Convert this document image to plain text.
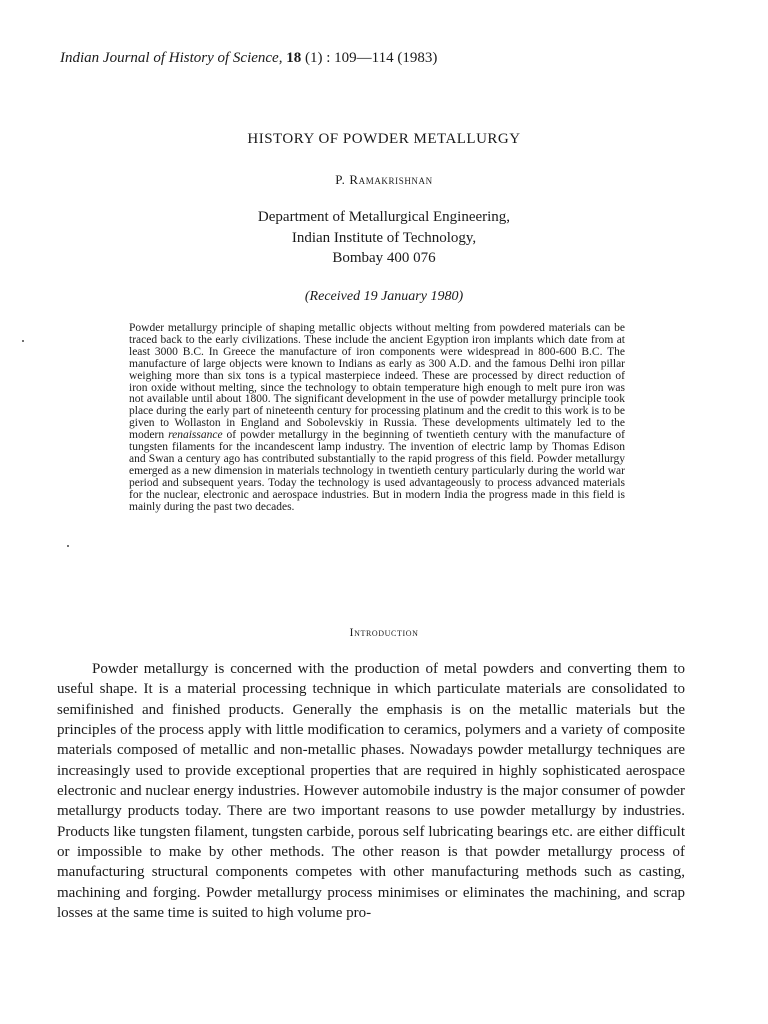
Indian Journal of History of Science, 18 (1) : 109—114 (1983)
HISTORY OF POWDER METALLURGY
P. Ramakrishnan
Department of Metallurgical Engineering,
Indian Institute of Technology,
Bombay 400 076
(Received 19 January 1980)
Powder metallurgy principle of shaping metallic objects without melting from powdered materials can be traced back to the early civilizations. These include the ancient Egyption iron implants which date from at least 3000 B.C. In Greece the manufacture of iron components were widespread in 800-600 B.C. The manufacture of large objects were known to Indians as early as 300 A.D. and the famous Delhi iron pillar weighing more than six tons is a typical masterpiece indeed. These are processed by direct reduction of iron oxide without melting, since the technology to obtain temperature high enough to melt pure iron was not available until about 1800. The significant development in the use of powder metallurgy principle took place during the early part of nineteenth century for processing platinum and the credit to this work is to be given to Wollaston in England and Sobolevskiy in Russia. These developments ultimately led to the modern renaissance of powder metallurgy in the beginning of twentieth century with the manufacture of tungsten filaments for the incandescent lamp industry. The invention of electric lamp by Thomas Edison and Swan a century ago has contributed substantially to the rapid progress of this field. Powder metallurgy emerged as a new dimension in materials technology in twentieth century particularly during the world war period and subsequent years. Today the technology is used advantageously to process advanced materials for the nuclear, electronic and aerospace industries. But in modern India the progress made in this field is mainly during the past two decades.
Introduction
Powder metallurgy is concerned with the production of metal powders and converting them to useful shape. It is a material processing technique in which particulate materials are consolidated to semifinished and finished products. Generally the emphasis is on the metallic materials but the principles of the process apply with little modification to ceramics, polymers and a variety of composite materials composed of metallic and non-metallic phases. Nowadays powder metallurgy techniques are increasingly used to provide exceptional properties that are required in highly sophisticated aerospace electronic and nuclear energy industries. However automobile industry is the major consumer of powder metallurgy products today. There are two important reasons to use powder metallurgy by industries. Products like tungsten filament, tungsten carbide, porous self lubricating bearings etc. are either difficult or impossible to make by other methods. The other reason is that powder metallurgy process of manufacturing structural components competes with other manufacturing methods such as casting, machining and forging. Powder metallurgy process minimises or eliminates the machining, and scrap losses at the same time is suited to high volume pro-
